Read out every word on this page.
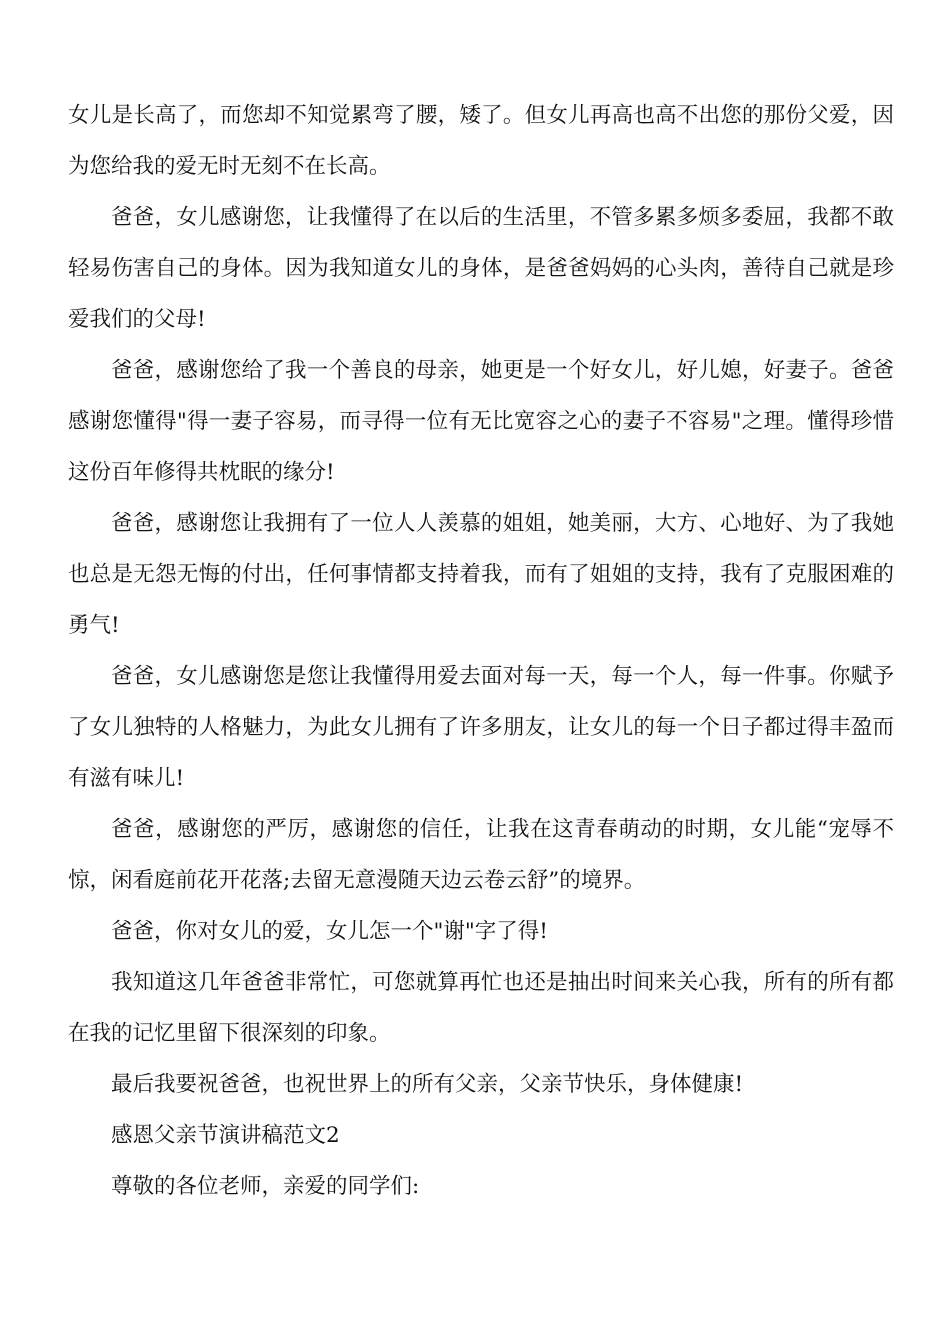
女儿是长高了，而您却不知觉累弯了腰，矮了。但女儿再高也高不出您的那份父爱，因为您给我的爱无时无刻不在长高。

爸爸，女儿感谢您，让我懂得了在以后的生活里，不管多累多烦多委屈，我都不敢轻易伤害自己的身体。因为我知道女儿的身体，是爸爸妈妈的心头肉，善待自己就是珍爱我们的父母!

爸爸，感谢您给了我一个善良的母亲，她更是一个好女儿，好儿媳，好妻子。爸爸感谢您懂得"得一妻子容易，而寻得一位有无比宽容之心的妻子不容易"之理。懂得珍惜这份百年修得共枕眠的缘分!

爸爸，感谢您让我拥有了一位人人羡慕的姐姐，她美丽，大方、心地好、为了我她也总是无怨无悔的付出，任何事情都支持着我，而有了姐姐的支持，我有了克服困难的勇气!

爸爸，女儿感谢您是您让我懂得用爱去面对每一天，每一个人，每一件事。你赋予了女儿独特的人格魅力，为此女儿拥有了许多朋友，让女儿的每一个日子都过得丰盈而有滋有味儿!

爸爸，感谢您的严厉，感谢您的信任，让我在这青春萌动的时期，女儿能“宠辱不惊，闲看庭前花开花落;去留无意漫随天边云卷云舒”的境界。

爸爸，你对女儿的爱，女儿怎一个"谢"字了得!

我知道这几年爸爸非常忙，可您就算再忙也还是抽出时间来关心我，所有的所有都在我的记忆里留下很深刻的印象。

最后我要祝爸爸，也祝世界上的所有父亲，父亲节快乐，身体健康!

感恩父亲节演讲稿范文2

尊敬的各位老师，亲爱的同学们:
